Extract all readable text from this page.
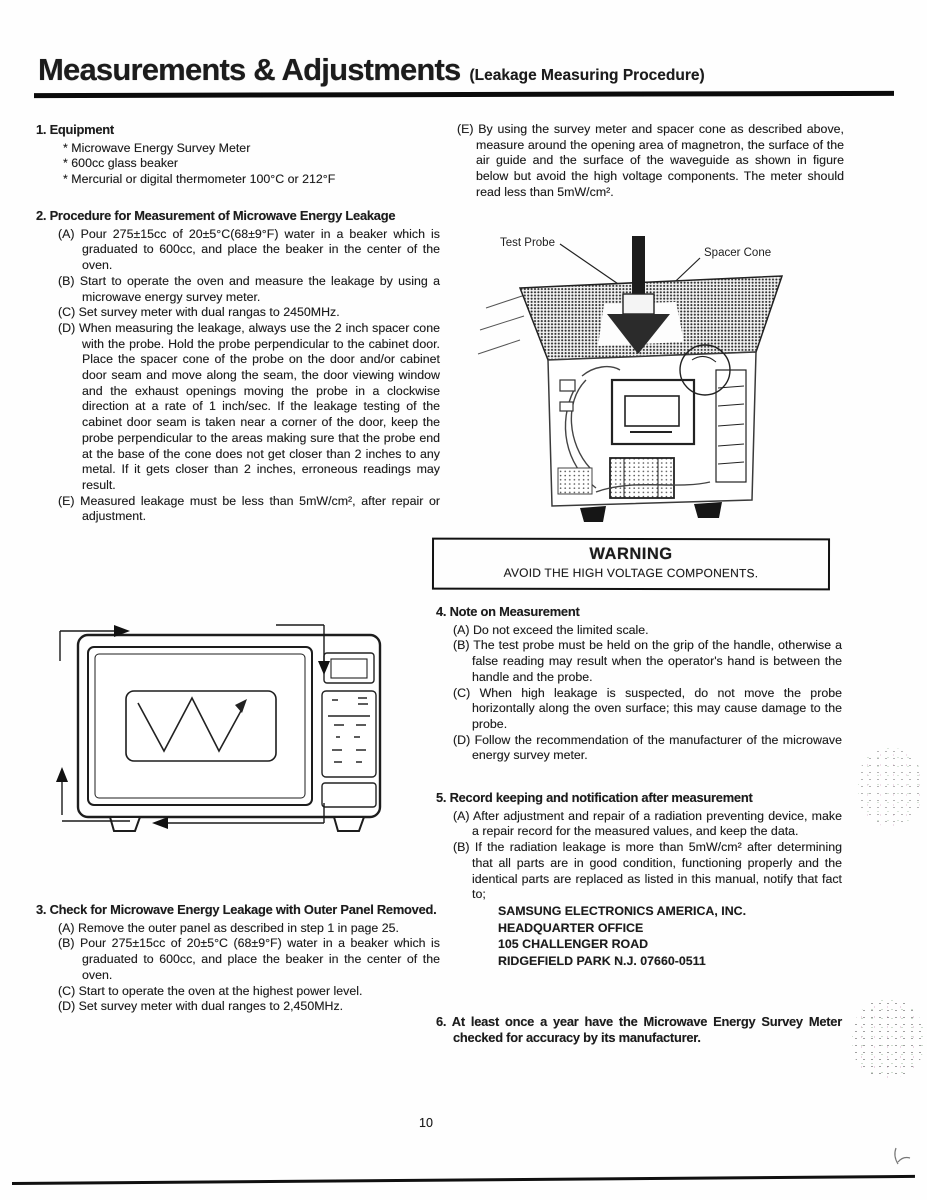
Measurements & Adjustments (Leakage Measuring Procedure)
1. Equipment
* Microwave Energy Survey Meter
* 600cc glass beaker
* Mercurial or digital thermometer 100°C or 212°F
2. Procedure for Measurement of Microwave Energy Leakage
(A) Pour 275±15cc of 20±5°C(68±9°F) water in a beaker which is graduated to 600cc, and place the beaker in the center of the oven.
(B) Start to operate the oven and measure the leakage by using a microwave energy survey meter.
(C) Set survey meter with dual rangas to 2450MHz.
(D) When measuring the leakage, always use the 2 inch spacer cone with the probe. Hold the probe perpendicular to the cabinet door. Place the spacer cone of the probe on the door and/or cabinet door seam and move along the seam, the door viewing window and the exhaust openings moving the probe in a clockwise direction at a rate of 1 inch/sec. If the leakage testing of the cabinet door seam is taken near a corner of the door, keep the probe perpendicular to the areas making sure that the probe end at the base of the cone does not get closer than 2 inches to any metal. If it gets closer than 2 inches, erroneous readings may result.
(E) Measured leakage must be less than 5mW/cm², after repair or adjustment.
3. Check for Microwave Energy Leakage with Outer Panel Removed.
(A) Remove the outer panel as described in step 1 in page 25.
(B) Pour 275±15cc of 20±5°C (68±9°F) water in a beaker which is graduated to 600cc, and place the beaker in the center of the oven.
(C) Start to operate the oven at the highest power level.
(D) Set survey meter with dual ranges to 2,450MHz.
(E) By using the survey meter and spacer cone as described above, measure around the opening area of magnetron, the surface of the air guide and the surface of the waveguide as shown in figure below but avoid the high voltage components. The meter should read less than 5mW/cm².
Test Probe
Spacer Cone
WARNING
AVOID THE HIGH VOLTAGE COMPONENTS.
4. Note on Measurement
(A) Do not exceed the limited scale.
(B) The test probe must be held on the grip of the handle, otherwise a false reading may result when the operator's hand is between the handle and the probe.
(C) When high leakage is suspected, do not move the probe horizontally along the oven surface; this may cause damage to the probe.
(D) Follow the recommendation of the manufacturer of the microwave energy survey meter.
5. Record keeping and notification after measurement
(A) After adjustment and repair of a radiation preventing device, make a repair record for the measured values, and keep the data.
(B) If the radiation leakage is more than 5mW/cm² after determining that all parts are in good condition, functioning properly and the identical parts are replaced as listed in this manual, notify that fact to;
SAMSUNG ELECTRONICS AMERICA, INC.
HEADQUARTER OFFICE
105 CHALLENGER ROAD
RIDGEFIELD PARK N.J. 07660-0511
6. At least once a year have the Microwave Energy Survey Meter checked for accuracy by its manufacturer.
10
